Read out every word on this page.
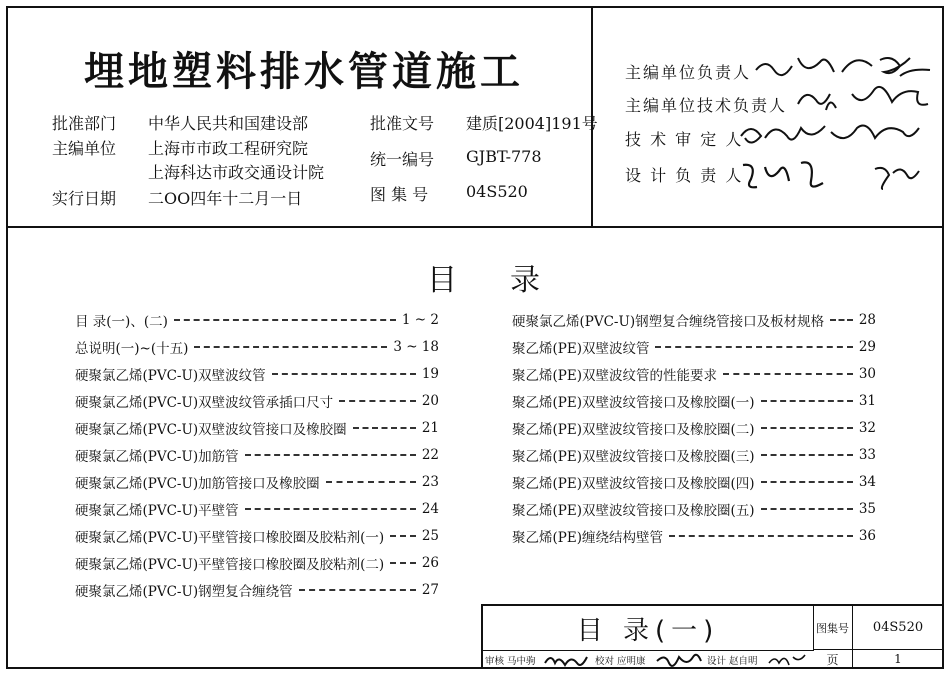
埋地塑料排水管道施工
批准部门 中华人民共和国建设部	批准文号 建质[2004]191号
主编单位 上海市市政工程研究院
上海科达市政交通设计院
统一编号 GJBT-778
实行日期 二OO四年十二月一日	图 集 号 04S520
主编单位负责人
主编单位技术负责人
技 术 审 定 人
设 计 负 责 人
目 录
目 录(一)、(二)	1 ~ 2
总说明(一)~(十五)	3 ~ 18
硬聚氯乙烯(PVC-U)双壁波纹管	19
硬聚氯乙烯(PVC-U)双壁波纹管承插口尺寸	20
硬聚氯乙烯(PVC-U)双壁波纹管接口及橡胶圈	21
硬聚氯乙烯(PVC-U)加筋管	22
硬聚氯乙烯(PVC-U)加筋管接口及橡胶圈	23
硬聚氯乙烯(PVC-U)平壁管	24
硬聚氯乙烯(PVC-U)平壁管接口橡胶圈及胶粘剂(一)	25
硬聚氯乙烯(PVC-U)平壁管接口橡胶圈及胶粘剂(二)	26
硬聚氯乙烯(PVC-U)钢塑复合缠绕管	27
硬聚氯乙烯(PVC-U)钢塑复合缠绕管接口及板材规格	28
聚乙烯(PE)双壁波纹管	29
聚乙烯(PE)双壁波纹管的性能要求	30
聚乙烯(PE)双壁波纹管接口及橡胶圈(一)	31
聚乙烯(PE)双壁波纹管接口及橡胶圈(二)	32
聚乙烯(PE)双壁波纹管接口及橡胶圈(三)	33
聚乙烯(PE)双壁波纹管接口及橡胶圈(四)	34
聚乙烯(PE)双壁波纹管接口及橡胶圈(五)	35
聚乙烯(PE)缠绕结构壁管	36
目 录(一)	图集号	04S520
页	1
审核 马中驹	校对 应明康	设计 赵自明
